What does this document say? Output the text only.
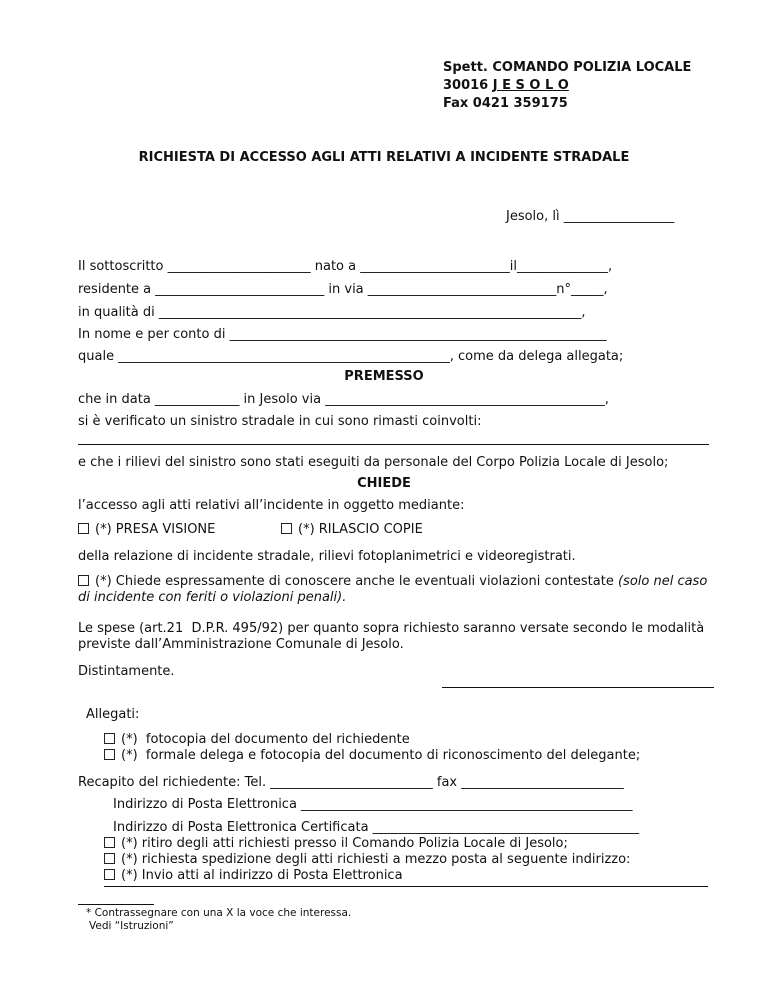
Spett. COMANDO POLIZIA LOCALE
30016 J E S O L O
Fax 0421 359175
RICHIESTA DI ACCESSO AGLI ATTI RELATIVI A INCIDENTE STRADALE
Jesolo, lì _________________
Il sottoscritto ______________________ nato a _______________________il______________,
residente a __________________________ in via _____________________________n°_____,
in qualità di _________________________________________________________________,
In nome e per conto di __________________________________________________________
quale ___________________________________________________, come da delega allegata;
PREMESSO
che in data _____________ in Jesolo via ___________________________________________,
si è verificato un sinistro stradale in cui sono rimasti coinvolti:
e che i rilievi del sinistro sono stati eseguiti da personale del Corpo Polizia Locale di Jesolo;
CHIEDE
l’accesso agli atti relativi all’incidente in oggetto mediante:
(*) PRESA VISIONE	(*) RILASCIO COPIE
della relazione di incidente stradale, rilievi fotoplanimetrici e videoregistrati.
(*) Chiede espressamente di conoscere anche le eventuali violazioni contestate (solo nel caso
di incidente con feriti o violazioni penali).
Le spese (art.21  D.P.R. 495/92) per quanto sopra richiesto saranno versate secondo le modalità
previste dall’Amministrazione Comunale di Jesolo.
Distintamente.
Allegati:
(*)  fotocopia del documento del richiedente
(*)  formale delega e fotocopia del documento di riconoscimento del delegante;
Recapito del richiedente: Tel. _________________________ fax _________________________
Indirizzo di Posta Elettronica ___________________________________________________
Indirizzo di Posta Elettronica Certificata _________________________________________
(*) ritiro degli atti richiesti presso il Comando Polizia Locale di Jesolo;
(*) richiesta spedizione degli atti richiesti a mezzo posta al seguente indirizzo:
(*) Invio atti al indirizzo di Posta Elettronica
* Contrassegnare con una X la voce che interessa.
Vedi “Istruzioni”
